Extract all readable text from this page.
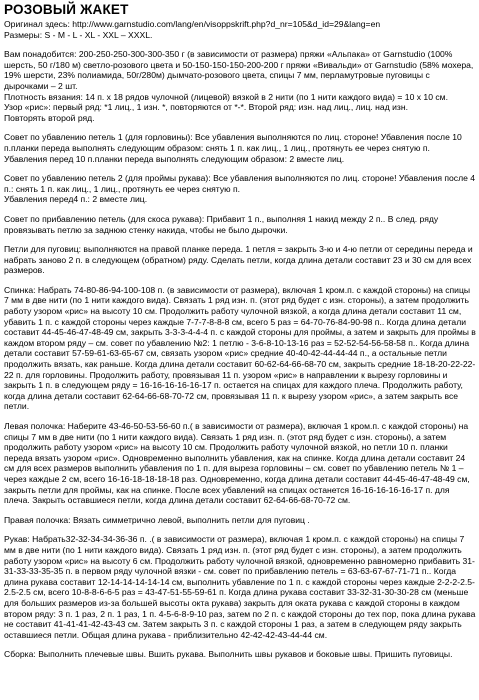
РОЗОВЫЙ ЖАКЕТ
Оригинал здесь: http://www.garnstudio.com/lang/en/visoppskrift.php?d_nr=105&d_id=29&lang=en
Размеры: S - M - L - XL - XXL – XXXL.
Вам понадобится: 200-250-250-300-300-350 г (в зависимости от размера) пряжи «Альпака» от Garnstudio (100% шерсть, 50 г/180 м) светло-розового цвета и 50-150-150-150-200-200 г пряжи «Вивальди» от Garnstudio (58% мохера, 19% шерсти, 23% полиамида, 50г/280м) дымчато-розового цвета, спицы 7 мм, перламутровые пуговицы с дырочками – 2 шт.
Плотность вязания: 14 п. x 18 рядов чулочной (лицевой) вязкой в 2 нити (по 1 нити каждого вида) = 10 x 10 см.
Узор «рис»: первый ряд: *1 лиц., 1 изн. *, повторяются от *-*. Второй ряд: изн. над лиц., лиц. над изн.
Повторять второй ряд.
Совет по убавлению петель 1 (для горловины): Все убавления выполняются по лиц. стороне! Убавления после 10 п.планки переда выполнять следующим образом: снять 1 п. как лиц., 1 лиц., протянуть ее через снятую п.
Убавления перед 10 п.планки переда выполнять следующим образом: 2 вместе лиц.
Совет по убавлению петель 2 (для проймы рукава): Все убавления выполняются по лиц. стороне! Убавления после 4 п.: снять 1 п. как лиц., 1 лиц., протянуть ее через снятую п.
Убавления перед4 п.: 2 вместе лиц.
Совет по прибавлению петель (для скоса рукава): Прибавит 1 п., выполняя 1 накид между 2 п.. В след. ряду провязывать петлю за заднюю стенку накида, чтобы не было дырочки.
Петли для пуговиц: выполняются на правой планке переда. 1 петля = закрыть 3-ю и 4-ю петли от середины переда и набрать заново 2 п. в следующем (обратном) ряду. Сделать петли, когда длина детали составит 23 и 30 см для всех размеров.
Спинка: Набрать 74-80-86-94-100-108 п. (в зависимости от размера), включая 1 кром.п. с каждой стороны) на спицы 7 мм в две нити (по 1 нити каждого вида). Связать 1 ряд изн. п. (этот ряд будет с изн. стороны), а затем продолжить работу узором «рис» на высоту 10 см. Продолжить работу чулочной вязкой, а когда длина детали составит 11 см, убавить 1 п. с каждой стороны через каждые 7-7-7-8-8-8 см, всего 5 раз = 64-70-76-84-90-98 п.. Когда длина детали составит 44-45-46-47-48-49 см, закрыть 3-3-3-4-4-4 п. с каждой стороны для проймы, а затем и закрыть для проймы в каждом втором ряду – см. совет по убавлению №2: 1 петлю - 3-6-8-10-13-16 раз = 52-52-54-56-58-58 п.. Когда длина детали составит 57-59-61-63-65-67 см, связать узором «рис» средние 40-40-42-44-44-44 п., а остальные петли продолжить вязать, как раньше. Когда длина детали составит 60-62-64-66-68-70 см, закрыть средние 18-18-20-22-22-22 п. для горловины. Продолжить работу, провязывая 11 п. узором «рис» в направлении к вырезу горловины и закрыть 1 п. в следующем ряду = 16-16-16-16-16-17 п. остается на спицах для каждого плеча. Продолжить работу, когда длина детали составит 62-64-66-68-70-72 см, провязывая 11 п. к вырезу узором «рис», а затем закрыть все петли.
Левая полочка: Наберите 43-46-50-53-56-60 п.( в зависимости от размера), включая 1 кром.п. с каждой стороны) на спицы 7 мм в две нити (по 1 нити каждого вида). Связать 1 ряд изн. п. (этот ряд будет с изн. стороны), а затем продолжить работу узором «рис» на высоту 10 см. Продолжить работу чулочной вязкой, но петли 10 п. планки переда вязать узором «рис». Одновременно выполнить убавления, как на спинке. Когда длина детали составит 24 см для всех размеров выполнить убавления по 1 п. для выреза горловины – см. совет по убавлению петель № 1 – через каждые 2 см, всего 16-16-18-18-18-18 раз. Одновременно, когда длина детали составит 44-45-46-47-48-49 см, закрыть петли для проймы, как на спинке. После всех убавлений на спицах останется 16-16-16-16-16-17 п. для плеча. Закрыть оставшиеся петли, когда длина детали составит 62-64-66-68-70-72 см.
Правая полочка: Вязать симметрично левой, выполнить петли для пуговиц .
Рукав: Набрать32-32-34-34-36-36 п. .( в зависимости от размера), включая 1 кром.п. с каждой стороны) на спицы 7 мм в две нити (по 1 нити каждого вида). Связать 1 ряд изн. п. (этот ряд будет с изн. стороны), а затем продолжить работу узором «рис» на высоту 6 см. Продолжить работу чулочной вязкой, одновременно равномерно прибавить 31-31-33-33-35-35 п. в первом ряду чулочной вязки - см. совет по прибавлению петель = 63-63-67-67-71-71 п.. Когда длина рукава составит 12-14-14-14-14-14 см, выполнить убавление по 1 п. с каждой стороны через каждые 2-2-2-2.5-2.5-2.5 см, всего 10-8-8-6-6-5 раз = 43-47-51-55-59-61 п. Когда длина рукава составит 33-32-31-30-30-28 см (меньше для больших размеров из-за большей высоты окта рукава) закрыть для оката рукава с каждой стороны в каждом втором ряду: 3 п. 1 раз, 2 п. 1 раз, 1 п. 4-5-6-8-9-10 раз, затем по 2 п. с каждой стороны до тех пор, пока длина рукава не составит 41-41-41-42-43-43 см. Затем закрыть 3 п. с каждой стороны 1 раз, а затем в следующем ряду закрыть оставшиеся петли. Общая длина рукава - приблизительно 42-42-42-43-44-44 см.
Сборка: Выполнить плечевые швы. Вшить рукава. Выполнить швы рукавов и боковые швы. Пришить пуговицы.
